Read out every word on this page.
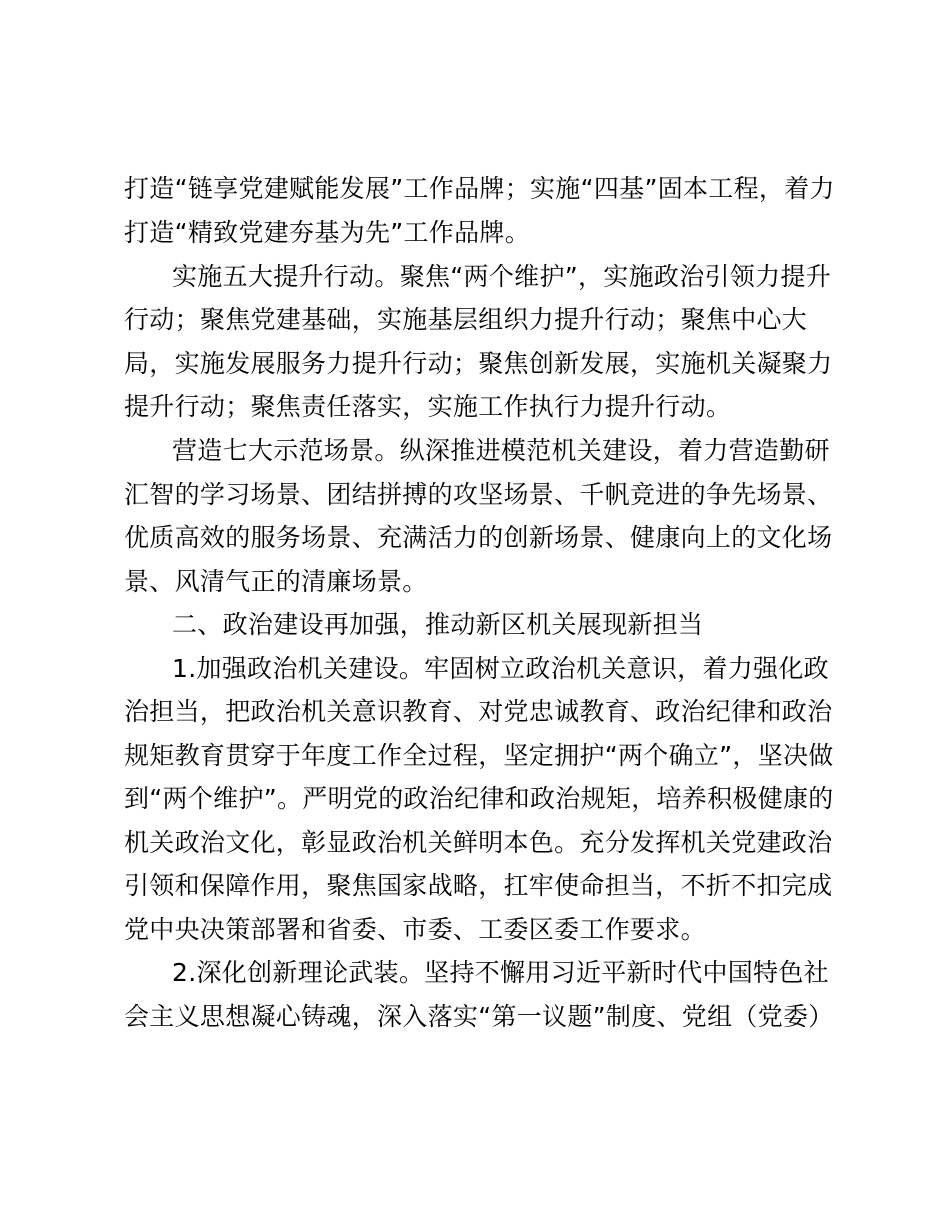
打造“链享党建赋能发展”工作品牌；实施“四基”固本工程，着力
打造“精致党建夯基为先”工作品牌。
实施五大提升行动。聚焦“两个维护”，实施政治引领力提升
行动；聚焦党建基础，实施基层组织力提升行动；聚焦中心大
局，实施发展服务力提升行动；聚焦创新发展，实施机关凝聚力
提升行动；聚焦责任落实，实施工作执行力提升行动。
营造七大示范场景。纵深推进模范机关建设，着力营造勤研
汇智的学习场景、团结拼搏的攻坚场景、千帆竞进的争先场景、
优质高效的服务场景、充满活力的创新场景、健康向上的文化场
景、风清气正的清廉场景。
二、政治建设再加强，推动新区机关展现新担当
1.加强政治机关建设。牢固树立政治机关意识，着力强化政
治担当，把政治机关意识教育、对党忠诚教育、政治纪律和政治
规矩教育贯穿于年度工作全过程，坚定拥护“两个确立”，坚决做
到“两个维护”。严明党的政治纪律和政治规矩，培养积极健康的
机关政治文化，彰显政治机关鲜明本色。充分发挥机关党建政治
引领和保障作用，聚焦国家战略，扛牢使命担当，不折不扣完成
党中央决策部署和省委、市委、工委区委工作要求。
2.深化创新理论武装。坚持不懈用习近平新时代中国特色社
会主义思想凝心铸魂，深入落实“第一议题”制度、党组（党委）
